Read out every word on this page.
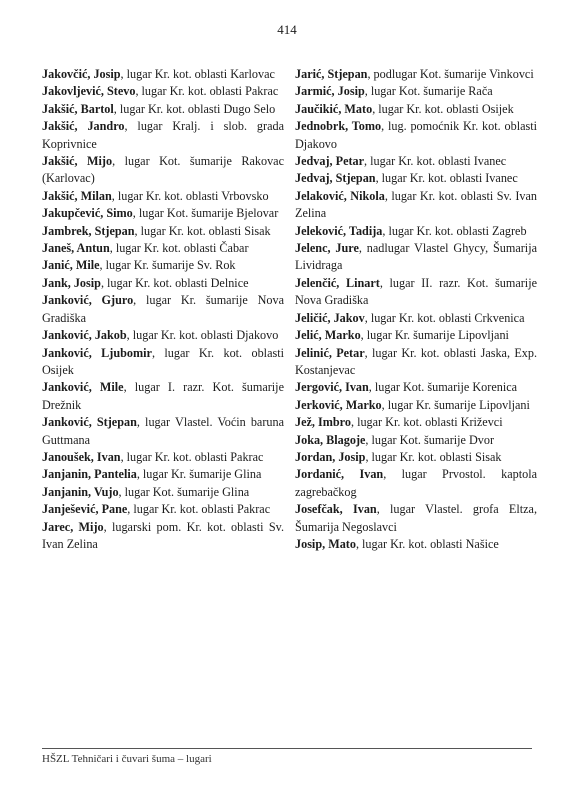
414
Jakovčić, Josip, lugar Kr. kot. oblasti Karlovac
Jakovljević, Stevo, lugar Kr. kot. oblasti Pakrac
Jakšić, Bartol, lugar Kr. kot. oblasti Dugo Selo
Jakšić, Jandro, lugar Kralj. i slob. grada Koprivnice
Jakšić, Mijo, lugar Kot. šumarije Rakovac (Karlovac)
Jakšić, Milan, lugar Kr. kot. oblasti Vrbovsko
Jakupčević, Simo, lugar Kot. šumarije Bjelovar
Jambrek, Stjepan, lugar Kr. kot. oblasti Sisak
Janeš, Antun, lugar Kr. kot. oblasti Čabar
Janić, Mile, lugar Kr. šumarije Sv. Rok
Jank, Josip, lugar Kr. kot. oblasti Delnice
Janković, Gjuro, lugar Kr. šumarije Nova Gradiška
Janković, Jakob, lugar Kr. kot. oblasti Djakovo
Janković, Ljubomir, lugar Kr. kot. oblasti Osijek
Janković, Mile, lugar I. razr. Kot. šumarije Drežnik
Janković, Stjepan, lugar Vlastel. Voćin baruna Guttmana
Janoušek, Ivan, lugar Kr. kot. oblasti Pakrac
Janjanin, Pantelia, lugar Kr. šumarije Glina
Janjanin, Vujo, lugar Kot. šumarije Glina
Janješević, Pane, lugar Kr. kot. oblasti Pakrac
Jarec, Mijo, lugarski pom. Kr. kot. oblasti Sv. Ivan Zelina
Jarić, Stjepan, podlugar Kot. šumarije Vinkovci
Jarmić, Josip, lugar Kot. šumarije Rača
Jaučikić, Mato, lugar Kr. kot. oblasti Osijek
Jednobrk, Tomo, lug. pomoćnik Kr. kot. oblasti Djakovo
Jedvaj, Petar, lugar Kr. kot. oblasti Ivanec
Jedvaj, Stjepan, lugar Kr. kot. oblasti Ivanec
Jelaković, Nikola, lugar Kr. kot. oblasti Sv. Ivan Zelina
Jeleković, Tadija, lugar Kr. kot. oblasti Zagreb
Jelenc, Jure, nadlugar Vlastel Ghycy, Šumarija Lividraga
Jelenčić, Linart, lugar II. razr. Kot. šumarije Nova Gradiška
Jeličić, Jakov, lugar Kr. kot. oblasti Crkvenica
Jelić, Marko, lugar Kr. šumarije Lipovljani
Jelinić, Petar, lugar Kr. kot. oblasti Jaska, Exp. Kostanjevac
Jergović, Ivan, lugar Kot. šumarije Korenica
Jerković, Marko, lugar Kr. šumarije Lipovljani
Jež, Imbro, lugar Kr. kot. oblasti Križevci
Joka, Blagoje, lugar Kot. šumarije Dvor
Jordan, Josip, lugar Kr. kot. oblasti Sisak
Jordanić, Ivan, lugar Prvostol. kaptola zagrebačkog
Josefčak, Ivan, lugar Vlastel. grofa Eltza, Šumarija Negoslavci
Josip, Mato, lugar Kr. kot. oblasti Našice
HŠZL Tehničari i čuvari šuma – lugari
